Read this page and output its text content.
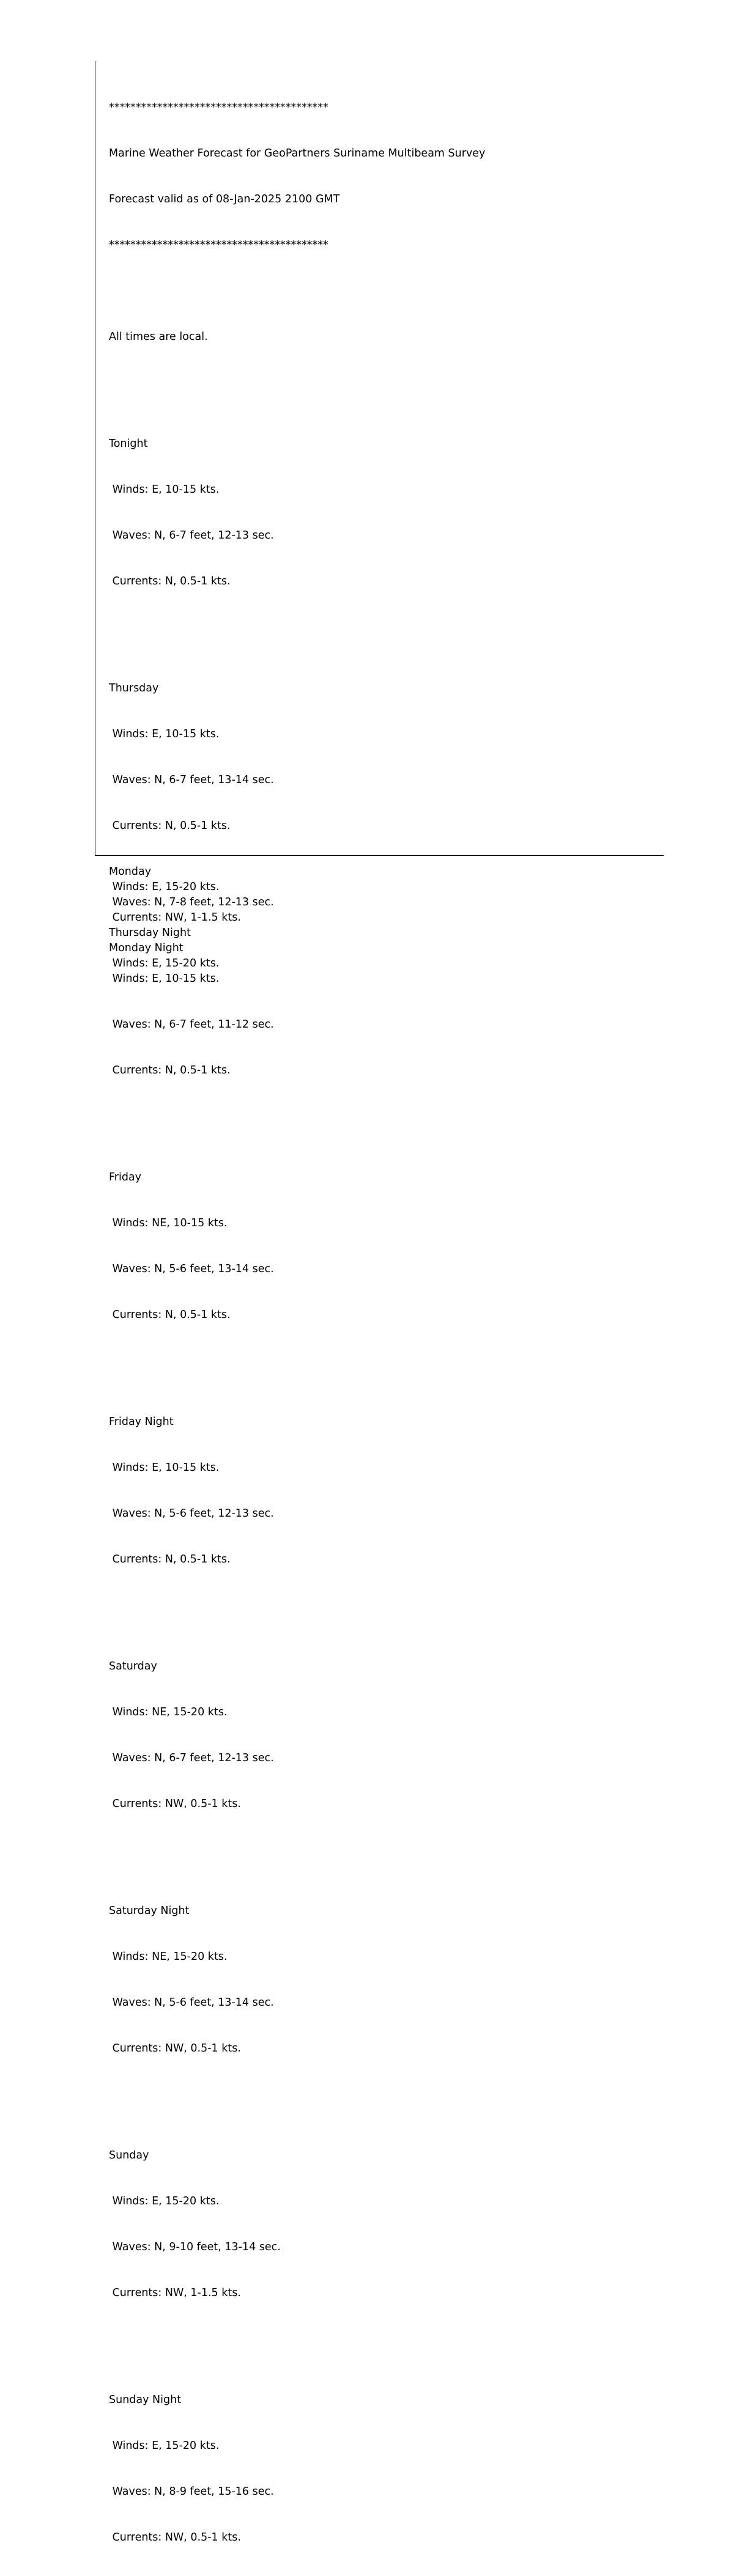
*****************************************

Marine Weather Forecast for GeoPartners Suriname Multibeam Survey

Forecast valid as of 08-Jan-2025 2100 GMT

*****************************************

All times are local.

Tonight

Winds: E, 10-15 kts.

Waves: N, 6-7 feet, 12-13 sec.

Currents: N, 0.5-1 kts.

Thursday

Winds: E, 10-15 kts.

Waves: N, 6-7 feet, 13-14 sec.

Currents: N, 0.5-1 kts.

Thursday Night

Winds: E, 10-15 kts.

Waves: N, 6-7 feet, 11-12 sec.

Currents: N, 0.5-1 kts.

Friday

Winds: NE, 10-15 kts.

Waves: N, 5-6 feet, 13-14 sec.

Currents: N, 0.5-1 kts.

Friday Night

Winds: E, 10-15 kts.

Waves: N, 5-6 feet, 12-13 sec.

Currents: N, 0.5-1 kts.

Saturday

Winds: NE, 15-20 kts.

Waves: N, 6-7 feet, 12-13 sec.

Currents: NW, 0.5-1 kts.

Saturday Night

Winds: NE, 15-20 kts.

Waves: N, 5-6 feet, 13-14 sec.

Currents: NW, 0.5-1 kts.

Sunday

Winds: E, 15-20 kts.

Waves: N, 9-10 feet, 13-14 sec.

Currents: NW, 1-1.5 kts.

Sunday Night

Winds: E, 15-20 kts.

Waves: N, 8-9 feet, 15-16 sec.

Currents: NW, 0.5-1 kts.

Monday
Winds: E, 15-20 kts.
Waves: N, 7-8 feet, 12-13 sec.
Currents: NW, 1-1.5 kts.

Monday Night
Winds: E, 15-20 kts.
